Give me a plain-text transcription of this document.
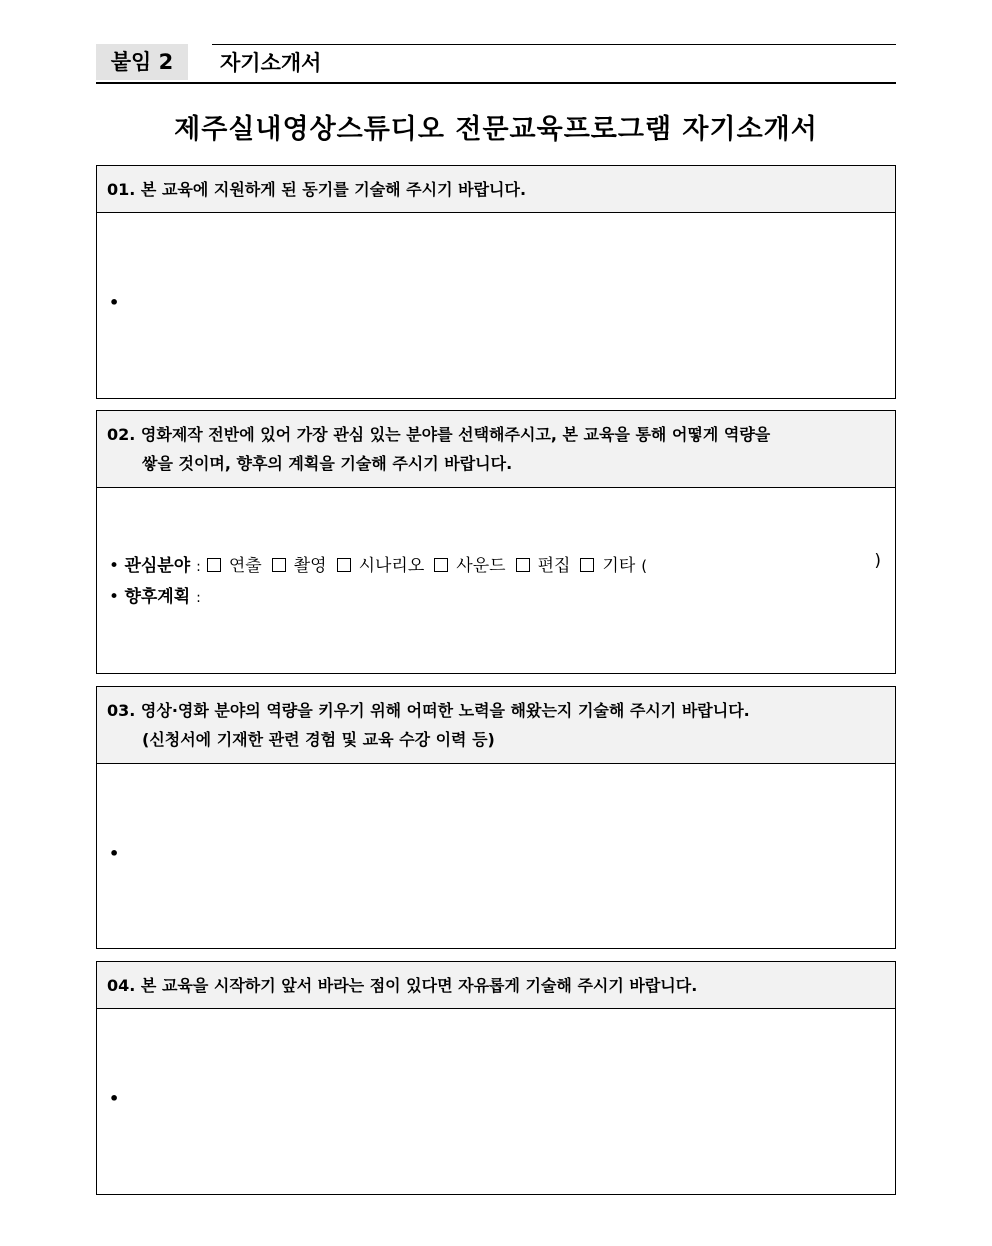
붙임 2	자기소개서
제주실내영상스튜디오 전문교육프로그램 자기소개서
01. 본 교육에 지원하게 된 동기를 기술해 주시기 바랍니다.
•
02. 영화제작 전반에 있어 가장 관심 있는 분야를 선택해주시고, 본 교육을 통해 어떻게 역량을
쌓을 것이며, 향후의 계획을 기술해 주시기 바랍니다.
• 관심분야 : 연출 촬영 시나리오 사운드 편집 기타 (	)
• 향후계획 :
03. 영상·영화 분야의 역량을 키우기 위해 어떠한 노력을 해왔는지 기술해 주시기 바랍니다.
(신청서에 기재한 관련 경험 및 교육 수강 이력 등)
•
04. 본 교육을 시작하기 앞서 바라는 점이 있다면 자유롭게 기술해 주시기 바랍니다.
•
